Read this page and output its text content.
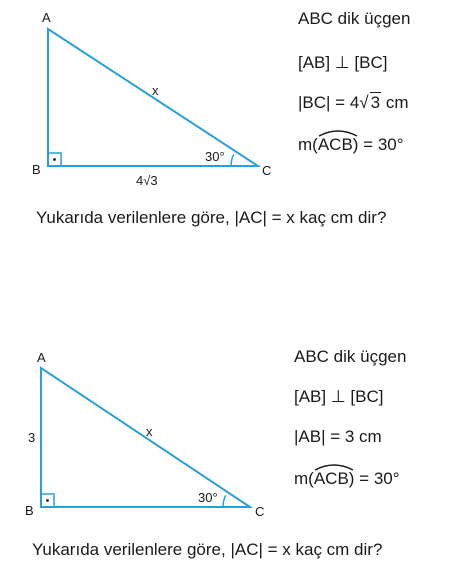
A
B	C
x
4√3
30°
ABC dik üçgen
[AB] ⊥ [BC]
|BC| = 4√ 3 cm
m(
ACB) = 30°
Yukarıda verilenlere göre, |AC| = x kaç cm dir?
A
B	C
x
3
30°
ABC dik üçgen
[AB] ⊥ [BC]
|AB| = 3 cm
m(
ACB) = 30°
Yukarıda verilenlere göre, |AC| = x kaç cm dir?
